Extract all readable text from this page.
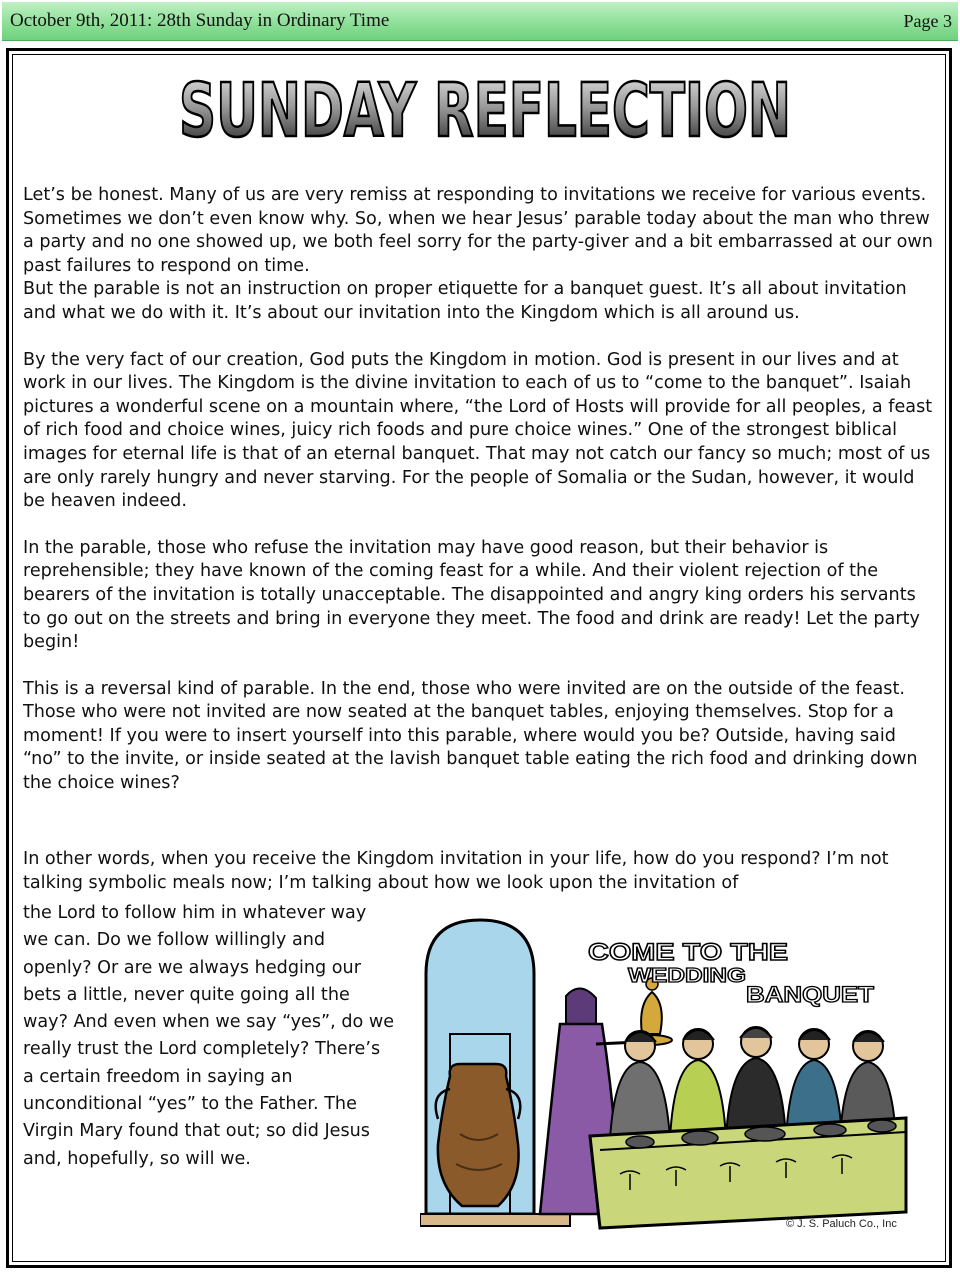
October 9th, 2011: 28th Sunday in Ordinary Time	Page 3
SUNDAY REFLECTION

Let’s be honest. Many of us are very remiss at responding to invitations we receive for various events. Sometimes we don’t even know why. So, when we hear Jesus’ parable today about the man who threw a party and no one showed up, we both feel sorry for the party-giver and a bit embarrassed at our own past failures to respond on time.

But the parable is not an instruction on proper etiquette for a banquet guest. It’s all about invitation and what we do with it. It’s about our invitation into the Kingdom which is all around us.

By the very fact of our creation, God puts the Kingdom in motion. God is present in our lives and at work in our lives. The Kingdom is the divine invitation to each of us to “come to the banquet”. Isaiah pictures a wonderful scene on a mountain where, “the Lord of Hosts will provide for all peoples, a feast of rich food and choice wines, juicy rich foods and pure choice wines.” One of the strongest biblical images for eternal life is that of an eternal banquet. That may not catch our fancy so much; most of us are only rarely hungry and never starving. For the people of Somalia or the Sudan, however, it would be heaven indeed.

In the parable, those who refuse the invitation may have good reason, but their behavior is reprehensible; they have known of the coming feast for a while. And their violent rejection of the bearers of the invitation is totally unacceptable. The disappointed and angry king orders his servants to go out on the streets and bring in everyone they meet. The food and drink are ready! Let the party begin!

This is a reversal kind of parable. In the end, those who were invited are on the outside of the feast. Those who were not invited are now seated at the banquet tables, enjoying themselves. Stop for a moment! If you were to insert yourself into this parable, where would you be? Outside, having said “no” to the invite, or inside seated at the lavish banquet table eating the rich food and drinking down the choice wines?

In other words, when you receive the Kingdom invitation in your life, how do you respond? I’m not talking symbolic meals now; I’m talking about how we look upon the invitation of

the Lord to follow him in whatever way we can. Do we follow willingly and openly? Or are we always hedging our bets a little, never quite going all the way? And even when we say “yes”, do we really trust the Lord completely? There’s a certain freedom in saying an unconditional “yes” to the Father. The Virgin Mary found that out; so did Jesus and, hopefully, so will we.

COME TO THE
WEDDING
BANQUET
© J. S. Paluch Co., Inc
